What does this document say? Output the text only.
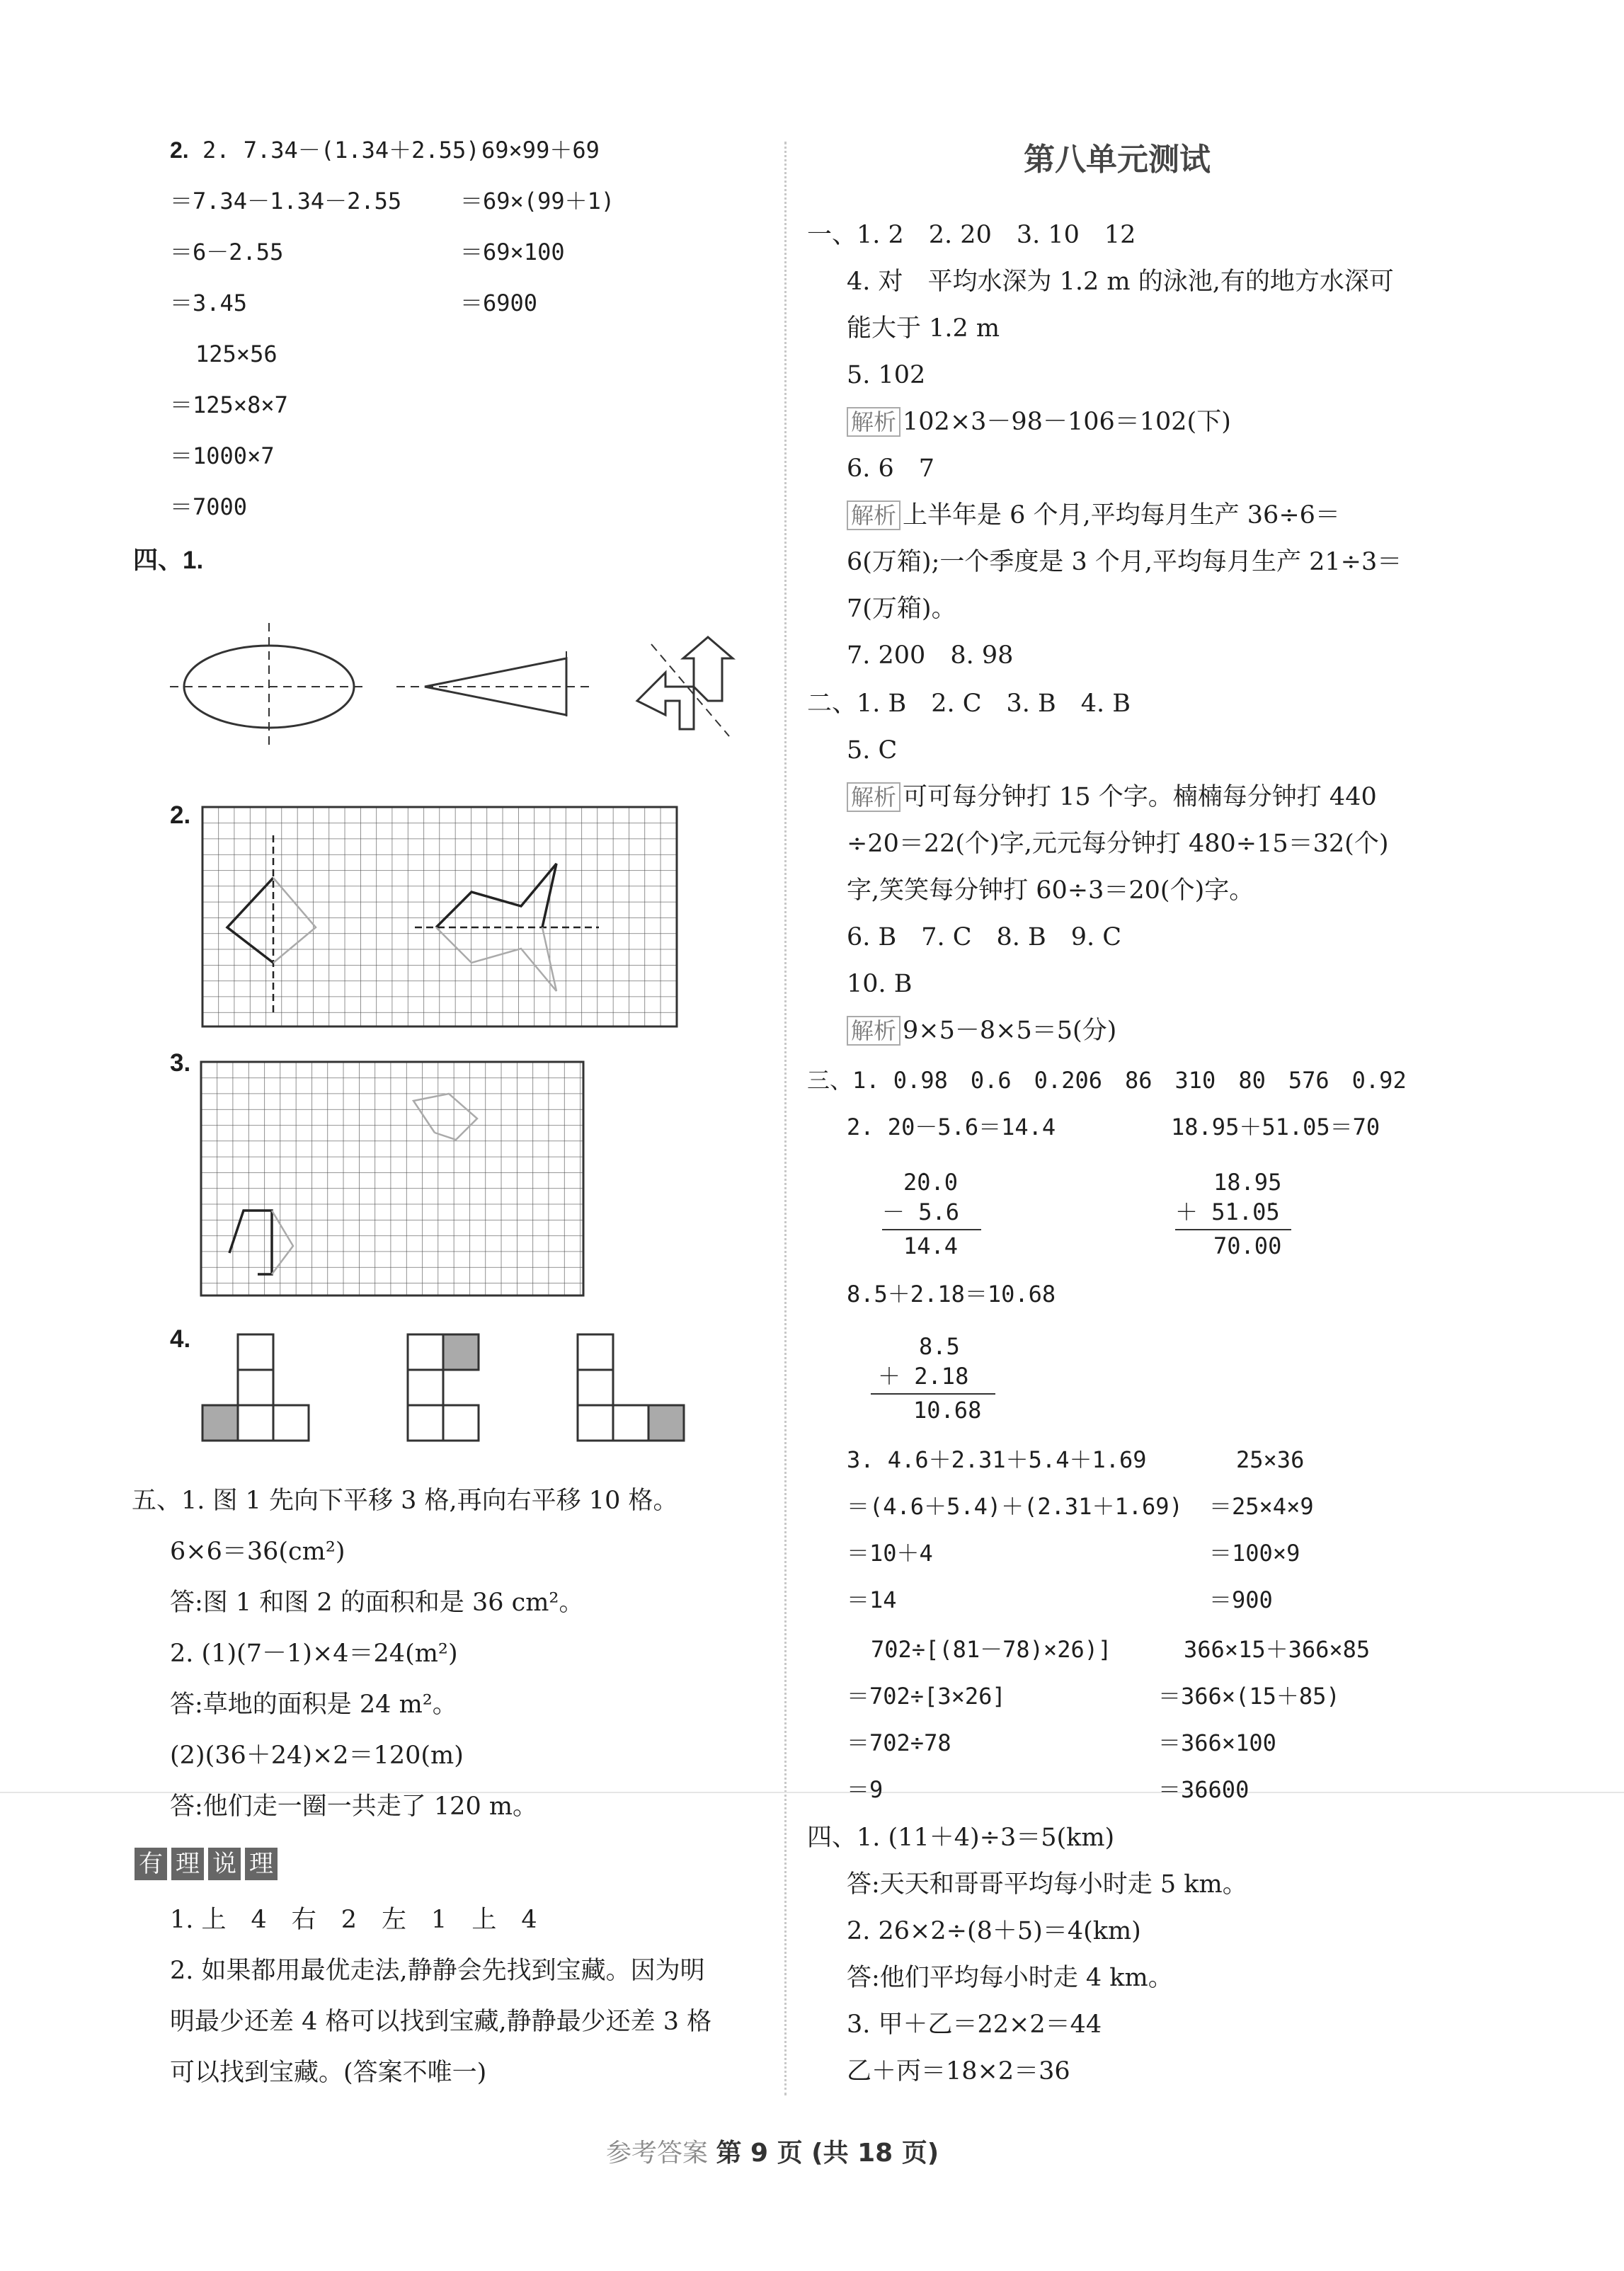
2. 2. 7.34－(1.34＋2.55) 69×99＋69
＝7.34－1.34－2.55	＝69×(99＋1)
＝6－2.55	＝69×100
＝3.45	＝6900
125×56
＝125×8×7
＝1000×7
＝7000
四、1.
2.
3.
4.
五、1. 图 1 先向下平移 3 格,再向右平移 10 格。
6×6＝36(cm²)
答:图 1 和图 2 的面积和是 36 cm²。
2. (1)(7－1)×4＝24(m²)
答:草地的面积是 24 m²。
(2)(36＋24)×2＝120(m)
答:他们走一圈一共走了 120 m。
有 理 说 理
1. 上　4　右　2　左　1　上　4
2. 如果都用最优走法,静静会先找到宝藏。因为明
明最少还差 4 格可以找到宝藏,静静最少还差 3 格
可以找到宝藏。(答案不唯一)
第八单元测试
一、1. 2　2. 20　3. 10　12
4. 对　平均水深为 1.2 m 的泳池,有的地方水深可
能大于 1.2 m
5. 102
解析 102×3－98－106＝102(下)
6. 6　7
解析 上半年是 6 个月,平均每月生产 36÷6＝
6(万箱);一个季度是 3 个月,平均每月生产 21÷3＝
7(万箱)。
7. 200　8. 98
二、1. B　2. C　3. B　4. B
5. C
解析 可可每分钟打 15 个字。楠楠每分钟打 440
÷20＝22(个)字,元元每分钟打 480÷15＝32(个)
字,笑笑每分钟打 60÷3＝20(个)字。
6. B　7. C　8. B　9. C
10. B
解析 9×5－8×5＝5(分)
三、1. 0.98　0.6　0.206　86　310　80　576　0.92
2. 20－5.6＝14.4	18.95＋51.05＝70
2̇0.0
－ 5.6
14.4
18.95
＋ 5̇1.0̇5
70.00
8.5＋2.18＝10.68
8.5
＋ 2.18
10.68
3. 4.6＋2.31＋5.4＋1.69	25×36
＝(4.6＋5.4)＋(2.31＋1.69) ＝25×4×9
＝10＋4	＝100×9
＝14	＝900
702÷[(81－78)×26)]	366×15＋366×85
＝702÷[3×26]	＝366×(15＋85)
＝702÷78	＝366×100
＝9	＝36600
四、1. (11＋4)÷3＝5(km)
答:天天和哥哥平均每小时走 5 km。
2. 26×2÷(8＋5)＝4(km)
答:他们平均每小时走 4 km。
3. 甲＋乙＝22×2＝44
乙＋丙＝18×2＝36
参考答案 第 9 页 (共 18 页)
